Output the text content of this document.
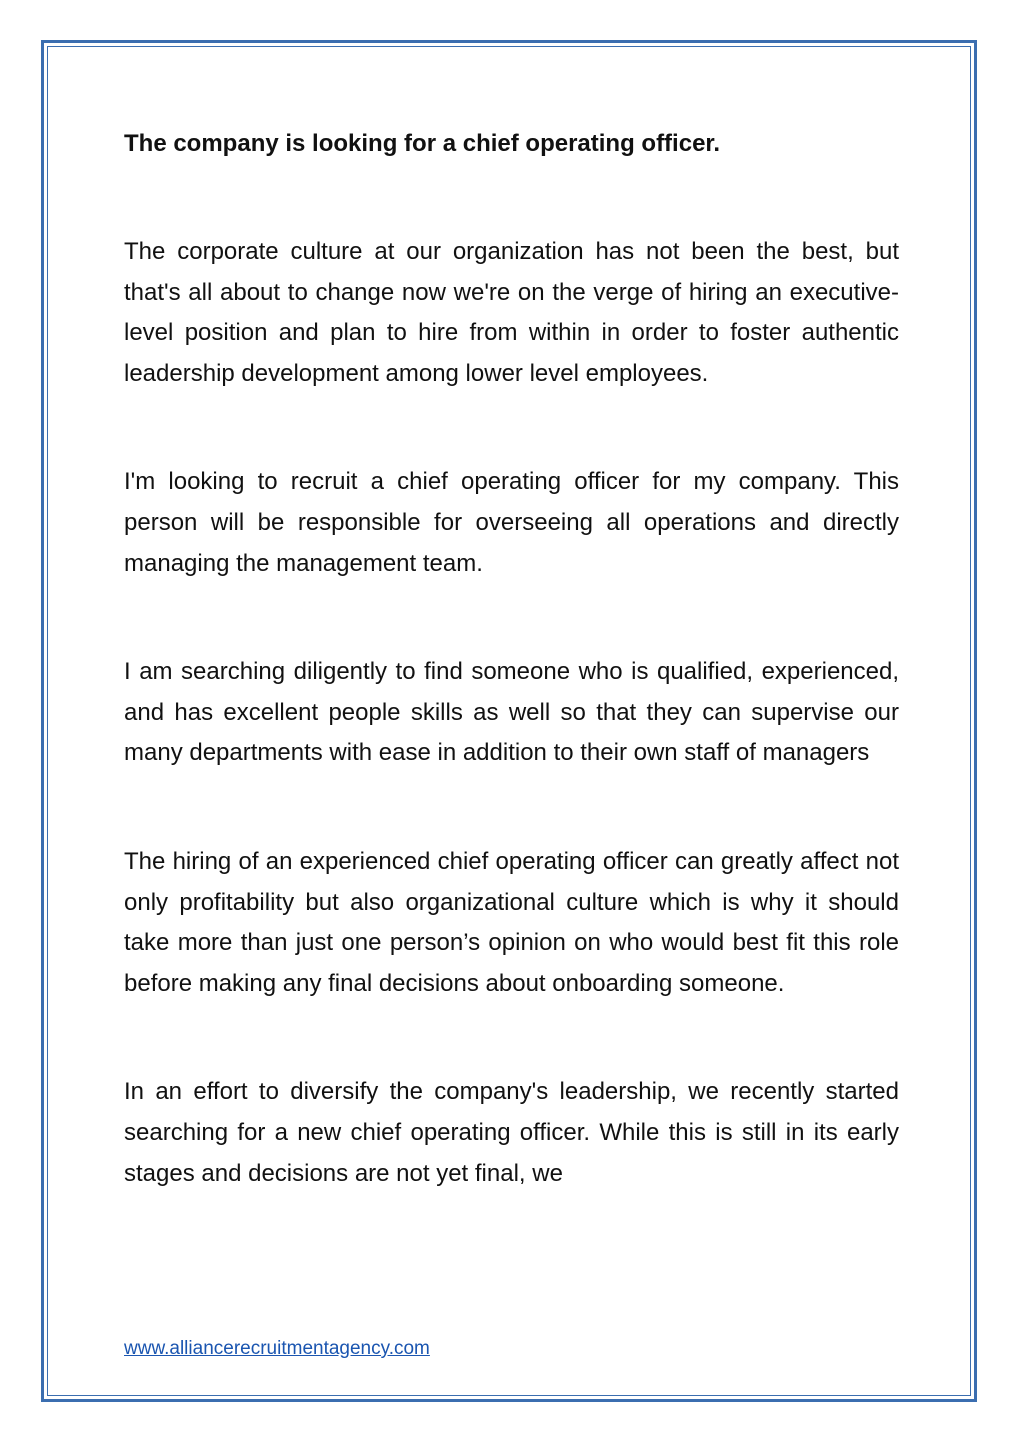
The company is looking for a chief operating officer.

The corporate culture at our organization has not been the best, but that's all about to change now we're on the verge of hiring an executive-level position and plan to hire from within in order to foster authentic leadership development among lower level employees.

I'm looking to recruit a chief operating officer for my company. This person will be responsible for overseeing all operations and directly managing the management team.

I am searching diligently to find someone who is qualified, experienced, and has excellent people skills as well so that they can supervise our many departments with ease in addition to their own staff of managers

The hiring of an experienced chief operating officer can greatly affect not only profitability but also organizational culture which is why it should take more than just one person’s opinion on who would best fit this role before making any final decisions about onboarding someone.

In an effort to diversify the company's leadership, we recently started searching for a new chief operating officer. While this is still in its early stages and decisions are not yet final, we

www.alliancerecruitmentagency.com
